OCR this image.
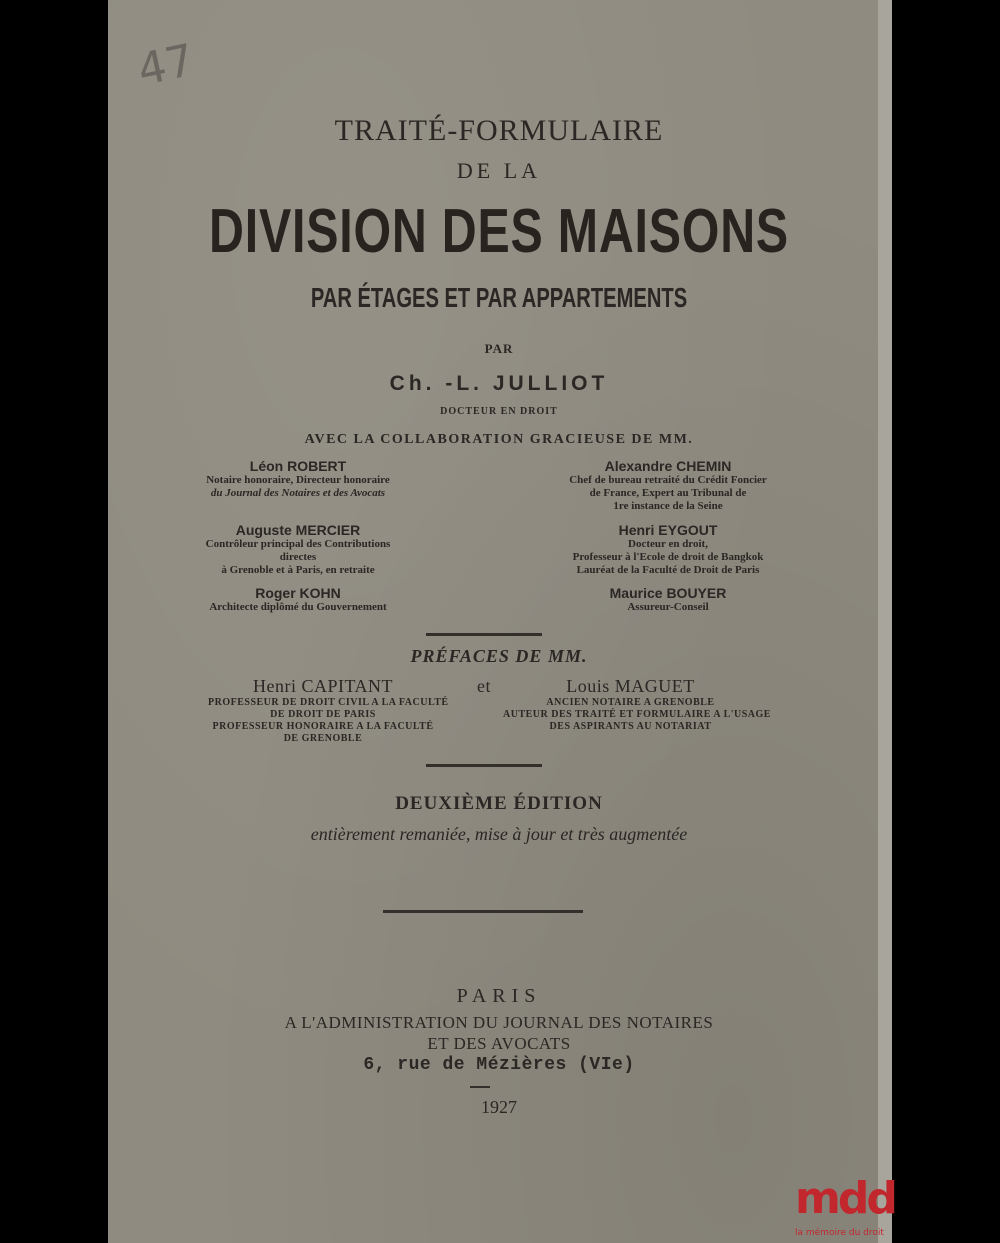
47
TRAITÉ-FORMULAIRE
DE LA
DIVISION DES MAISONS
PAR ÉTAGES ET PAR APPARTEMENTS
PAR
Ch. -L. JULLIOT
DOCTEUR EN DROIT
AVEC LA COLLABORATION GRACIEUSE DE MM.
Léon ROBERT
Notaire honoraire, Directeur honoraire
du Journal des Notaires et des Avocats
Auguste MERCIER
Contrôleur principal des Contributions
directes
à Grenoble et à Paris, en retraite
Roger KOHN
Architecte diplômé du Gouvernement
Alexandre CHEMIN
Chef de bureau retraité du Crédit Foncier
de France, Expert au Tribunal de
1re instance de la Seine
Henri EYGOUT
Docteur en droit,
Professeur à l'Ecole de droit de Bangkok
Lauréat de la Faculté de Droit de Paris
Maurice BOUYER
Assureur-Conseil
PRÉFACES DE MM.
Henri CAPITANT
PROFESSEUR DE DROIT CIVIL A LA FACULTÉ
DE DROIT DE PARIS
PROFESSEUR HONORAIRE A LA FACULTÉ
DE GRENOBLE
et	Louis MAGUET
ANCIEN NOTAIRE A GRENOBLE
AUTEUR DES TRAITÉ ET FORMULAIRE A L'USAGE
DES ASPIRANTS AU NOTARIAT
DEUXIÈME ÉDITION
entièrement remaniée, mise à jour et très augmentée
PARIS
A L'ADMINISTRATION DU JOURNAL DES NOTAIRES
ET DES AVOCATS
6, rue de Mézières (VIe)
1927
mdd
la mémoire du droit
